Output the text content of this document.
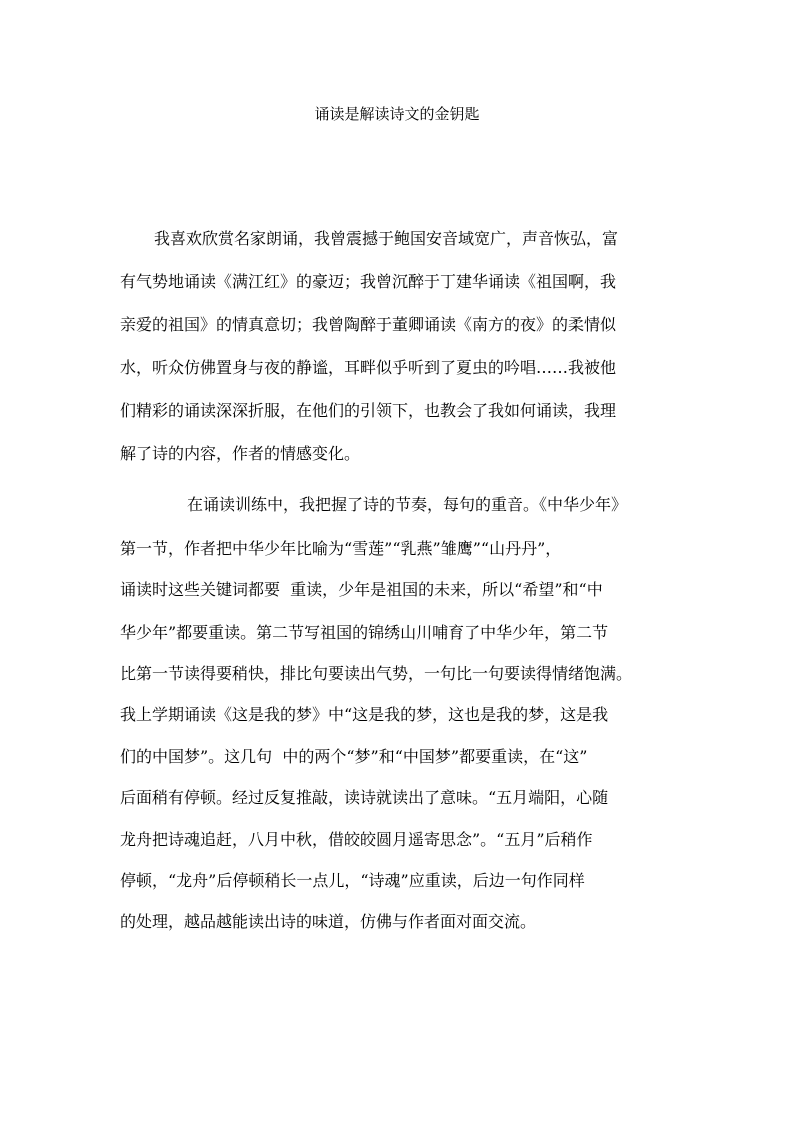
诵读是解读诗文的金钥匙

我喜欢欣赏名家朗诵，我曾震撼于鲍国安音域宽广，声音恢弘，富

有气势地诵读《满江红》的豪迈；我曾沉醉于丁建华诵读《祖国啊，我

亲爱的祖国》的情真意切；我曾陶醉于董卿诵读《南方的夜》的柔情似

水，听众仿佛置身与夜的静谧，耳畔似乎听到了夏虫的吟唱……我被他

们精彩的诵读深深折服，在他们的引领下，也教会了我如何诵读，我理

解了诗的内容，作者的情感变化。

在诵读训练中，我把握了诗的节奏，每句的重音。《中华少年》

第一节，作者把中华少年比喻为“雪莲”“乳燕”雏鹰”“山丹丹”，

诵读时这些关键词都要  重读，少年是祖国的未来，所以“希望”和“中

华少年”都要重读。第二节写祖国的锦绣山川哺育了中华少年，第二节

比第一节读得要稍快，排比句要读出气势，一句比一句要读得情绪饱满。

我上学期诵读《这是我的梦》中“这是我的梦，这也是我的梦，这是我

们的中国梦”。这几句  中的两个“梦”和“中国梦”都要重读，在“这”

后面稍有停顿。经过反复推敲，读诗就读出了意味。“五月端阳，心随

龙舟把诗魂追赶，八月中秋，借皎皎圆月遥寄思念”。“五月”后稍作

停顿，“龙舟”后停顿稍长一点儿，“诗魂”应重读，后边一句作同样

的处理，越品越能读出诗的味道，仿佛与作者面对面交流。
